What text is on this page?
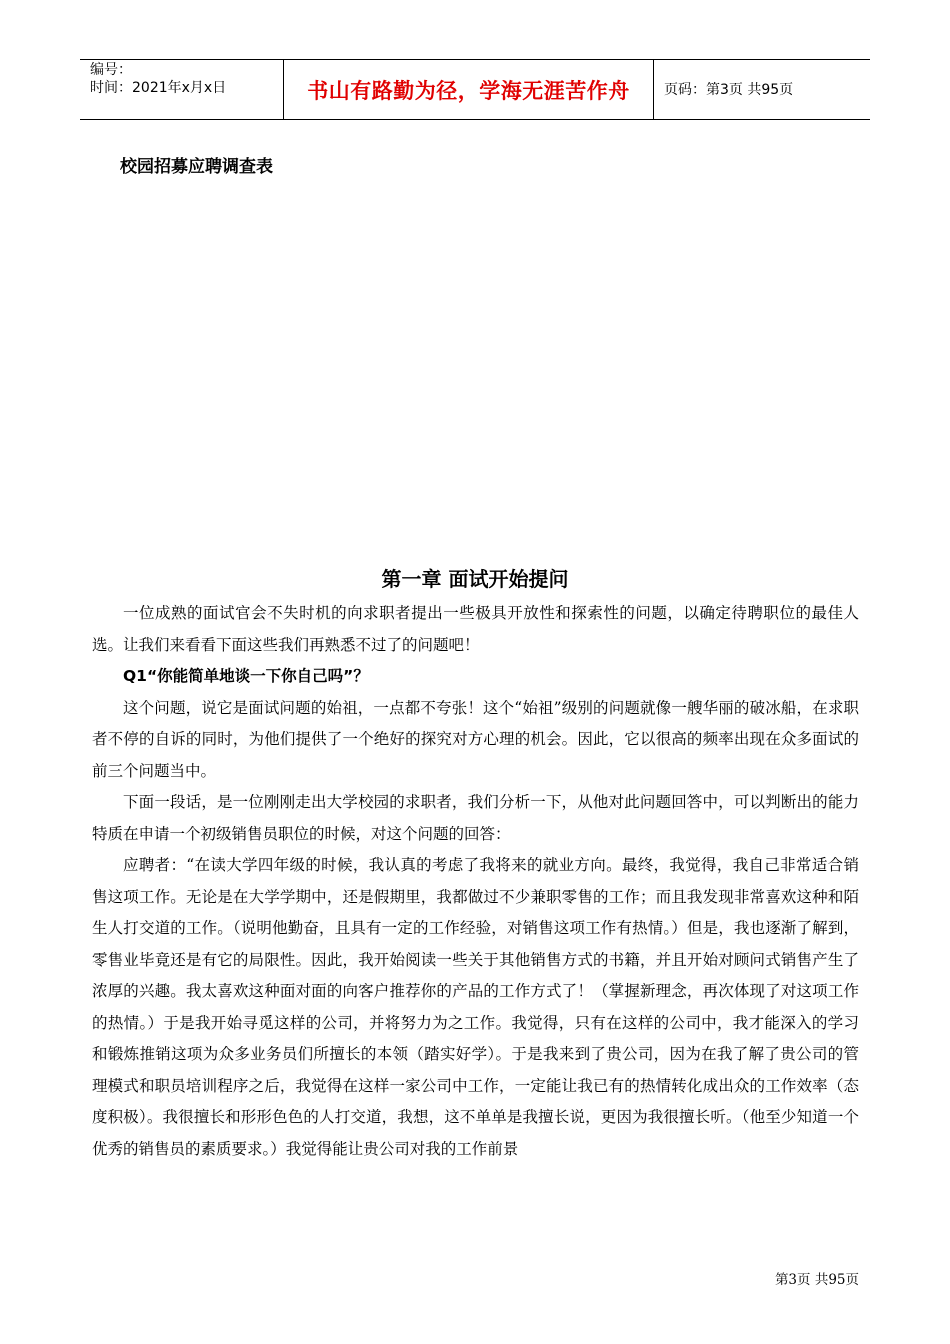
编号：
时间：2021年x月x日	书山有路勤为径，学海无涯苦作舟	页码：第3页 共95页
校园招募应聘调查表
第一章 面试开始提问

一位成熟的面试官会不失时机的向求职者提出一些极具开放性和探索性的问题，以确定待聘职位的最佳人选。让我们来看看下面这些我们再熟悉不过了的问题吧！

Q1“你能简单地谈一下你自己吗”？

这个问题，说它是面试问题的始祖，一点都不夸张！这个“始祖”级别的问题就像一艘华丽的破冰船，在求职者不停的自诉的同时，为他们提供了一个绝好的探究对方心理的机会。因此，它以很高的频率出现在众多面试的前三个问题当中。

下面一段话，是一位刚刚走出大学校园的求职者，我们分析一下，从他对此问题回答中，可以判断出的能力特质在申请一个初级销售员职位的时候，对这个问题的回答：

应聘者：“在读大学四年级的时候，我认真的考虑了我将来的就业方向。最终，我觉得，我自己非常适合销售这项工作。无论是在大学学期中，还是假期里，我都做过不少兼职零售的工作；而且我发现非常喜欢这种和陌生人打交道的工作。（说明他勤奋，且具有一定的工作经验，对销售这项工作有热情。）但是，我也逐渐了解到，零售业毕竟还是有它的局限性。因此，我开始阅读一些关于其他销售方式的书籍，并且开始对顾问式销售产生了浓厚的兴趣。我太喜欢这种面对面的向客户推荐你的产品的工作方式了！（掌握新理念，再次体现了对这项工作的热情。）于是我开始寻觅这样的公司，并将努力为之工作。我觉得，只有在这样的公司中，我才能深入的学习和锻炼推销这项为众多业务员们所擅长的本领（踏实好学）。于是我来到了贵公司，因为在我了解了贵公司的管理模式和职员培训程序之后，我觉得在这样一家公司中工作，一定能让我已有的热情转化成出众的工作效率（态度积极）。我很擅长和形形色色的人打交道，我想，这不单单是我擅长说，更因为我很擅长听。（他至少知道一个优秀的销售员的素质要求。）我觉得能让贵公司对我的工作前景

第3页 共95页
